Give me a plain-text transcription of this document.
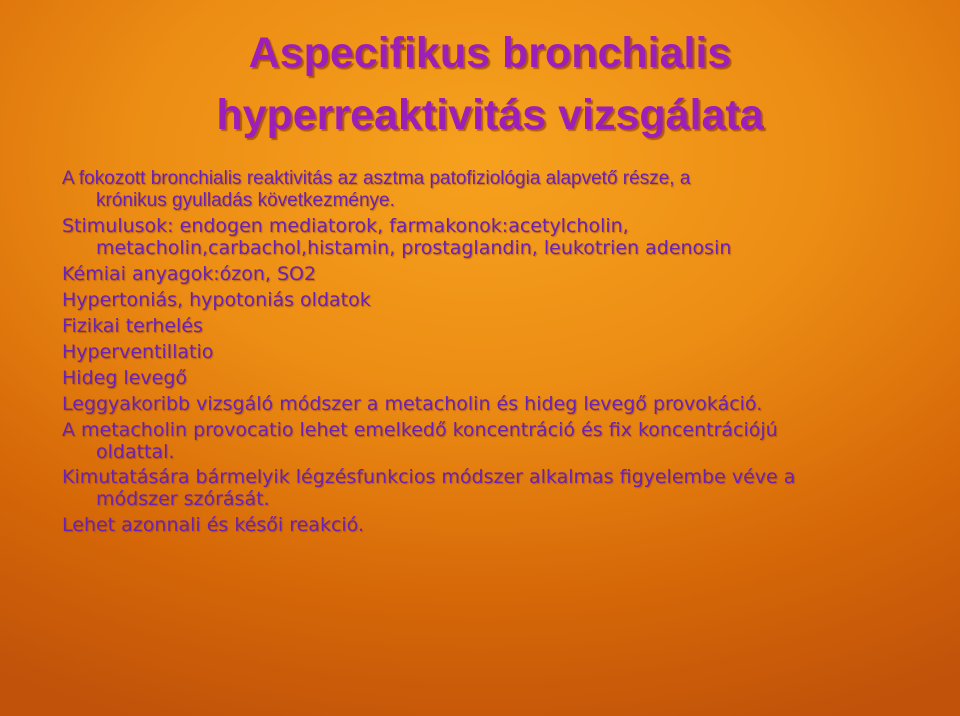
Aspecifikus bronchialis
hyperreaktivitás vizsgálata
A fokozott bronchialis reaktivitás az asztma patofiziológia alapvető része, a
krónikus gyulladás következménye.
Stimulusok: endogen mediatorok, farmakonok:acetylcholin,
metacholin,carbachol,histamin, prostaglandin, leukotrien adenosin
Kémiai anyagok:ózon, SO2
Hypertoniás, hypotoniás oldatok
Fizikai terhelés
Hyperventillatio
Hideg levegő
Leggyakoribb vizsgáló módszer a metacholin és hideg levegő provokáció.
A metacholin provocatio lehet emelkedő koncentráció és fix koncentrációjú
oldattal.
Kimutatására bármelyik légzésfunkcios módszer alkalmas figyelembe véve a
módszer szórását.
Lehet azonnali és késői reakció.
